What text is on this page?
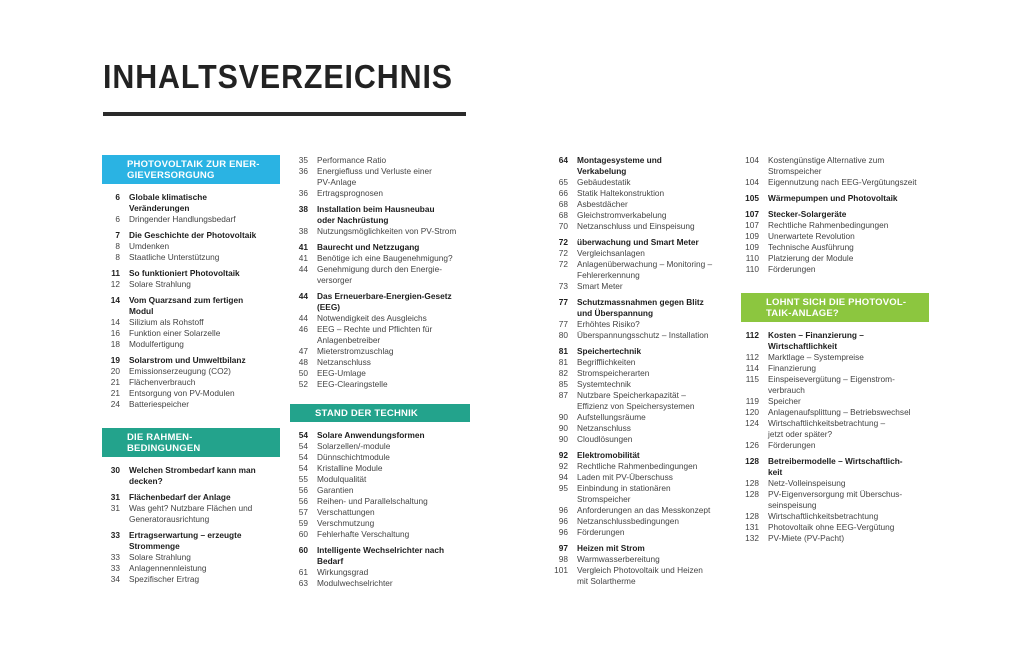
INHALTSVERZEICHNIS
PHOTOVOLTAIK ZUR ENER-
GIEVERSORGUNG
6 Globale klimatische
Veränderungen
6 Dringender Handlungsbedarf
7 Die Geschichte der Photovoltaik
8 Umdenken
8 Staatliche Unterstützung
11 So funktioniert Photovoltaik
12 Solare Strahlung
14 Vom Quarzsand zum fertigen
Modul
14 Silizium als Rohstoff
16 Funktion einer Solarzelle
18 Modulfertigung
19 Solarstrom und Umweltbilanz
20 Emissionserzeugung (CO2)
21 Flächenverbrauch
21 Entsorgung von PV-Modulen
24 Batteriespeicher
DIE RAHMEN-
BEDINGUNGEN
30 Welchen Strombedarf kann man
decken?
31 Flächenbedarf der Anlage
31 Was geht? Nutzbare Flächen und
Generatorausrichtung
33 Ertragserwartung – erzeugte
Strommenge
33 Solare Strahlung
33 Anlagennennleistung
34 Spezifischer Ertrag
35 Performance Ratio
36 Energiefluss und Verluste einer
PV-Anlage
36 Ertragsprognosen
38 Installation beim Hausneubau
oder Nachrüstung
38 Nutzungsmöglichkeiten von PV-Strom
41 Baurecht und Netzzugang
41 Benötige ich eine Baugenehmigung?
44 Genehmigung durch den Energie-
versorger
44 Das Erneuerbare-Energien-Gesetz
(EEG)
44 Notwendigkeit des Ausgleichs
46 EEG – Rechte und Pflichten für
Anlagenbetreiber
47 Mieterstromzuschlag
48 Netzanschluss
50 EEG-Umlage
52 EEG-Clearingstelle
STAND DER TECHNIK
54 Solare Anwendungsformen
54 Solarzellen/-module
54 Dünnschichtmodule
54 Kristalline Module
55 Modulqualität
56 Garantien
56 Reihen- und Parallelschaltung
57 Verschattungen
59 Verschmutzung
60 Fehlerhafte Verschaltung
60 Intelligente Wechselrichter nach
Bedarf
61 Wirkungsgrad
63 Modulwechselrichter
64 Montagesysteme und
Verkabelung
65 Gebäudestatik
66 Statik Haltekonstruktion
68 Asbestdächer
68 Gleichstromverkabelung
70 Netzanschluss und Einspeisung
72 überwachung und Smart Meter
72 Vergleichsanlagen
72 Anlagenüberwachung – Monitoring –
Fehlererkennung
73 Smart Meter
77 Schutzmassnahmen gegen Blitz
und Überspannung
77 Erhöhtes Risiko?
80 Überspannungsschutz – Installation
81 Speichertechnik
81 Begrifflichkeiten
82 Stromspeicherarten
85 Systemtechnik
87 Nutzbare Speicherkapazität –
Effizienz von Speichersystemen
90 Aufstellungsräume
90 Netzanschluss
90 Cloudlösungen
92 Elektromobilität
92 Rechtliche Rahmenbedingungen
94 Laden mit PV-Überschuss
95 Einbindung in stationären
Stromspeicher
96 Anforderungen an das Messkonzept
96 Netzanschlussbedingungen
96 Förderungen
97 Heizen mit Strom
98 Warmwasserbereitung
101 Vergleich Photovoltaik und Heizen
mit Solartherme
104 Kostengünstige Alternative zum
Stromspeicher
104 Eigennutzung nach EEG-Vergütungszeit
105 Wärmepumpen und Photovoltaik
107 Stecker-Solargeräte
107 Rechtliche Rahmenbedingungen
109 Unerwartete Revolution
109 Technische Ausführung
110 Platzierung der Module
110 Förderungen
LOHNT SICH DIE PHOTOVOL-
TAIK-ANLAGE?
112 Kosten – Finanzierung –
Wirtschaftlichkeit
112 Marktlage – Systempreise
114 Finanzierung
115 Einspeisevergütung – Eigenstrom-
verbrauch
119 Speicher
120 Anlagenaufsplittung – Betriebswechsel
124 Wirtschaftlichkeitsbetrachtung –
jetzt oder später?
126 Förderungen
128 Betreibermodelle – Wirtschaftlich-
keit
128 Netz-Volleinspeisung
128 PV-Eigenversorgung mit Überschus-
seinspeisung
128 Wirtschaftlichkeitsbetrachtung
131 Photovoltaik ohne EEG-Vergütung
132 PV-Miete (PV-Pacht)
